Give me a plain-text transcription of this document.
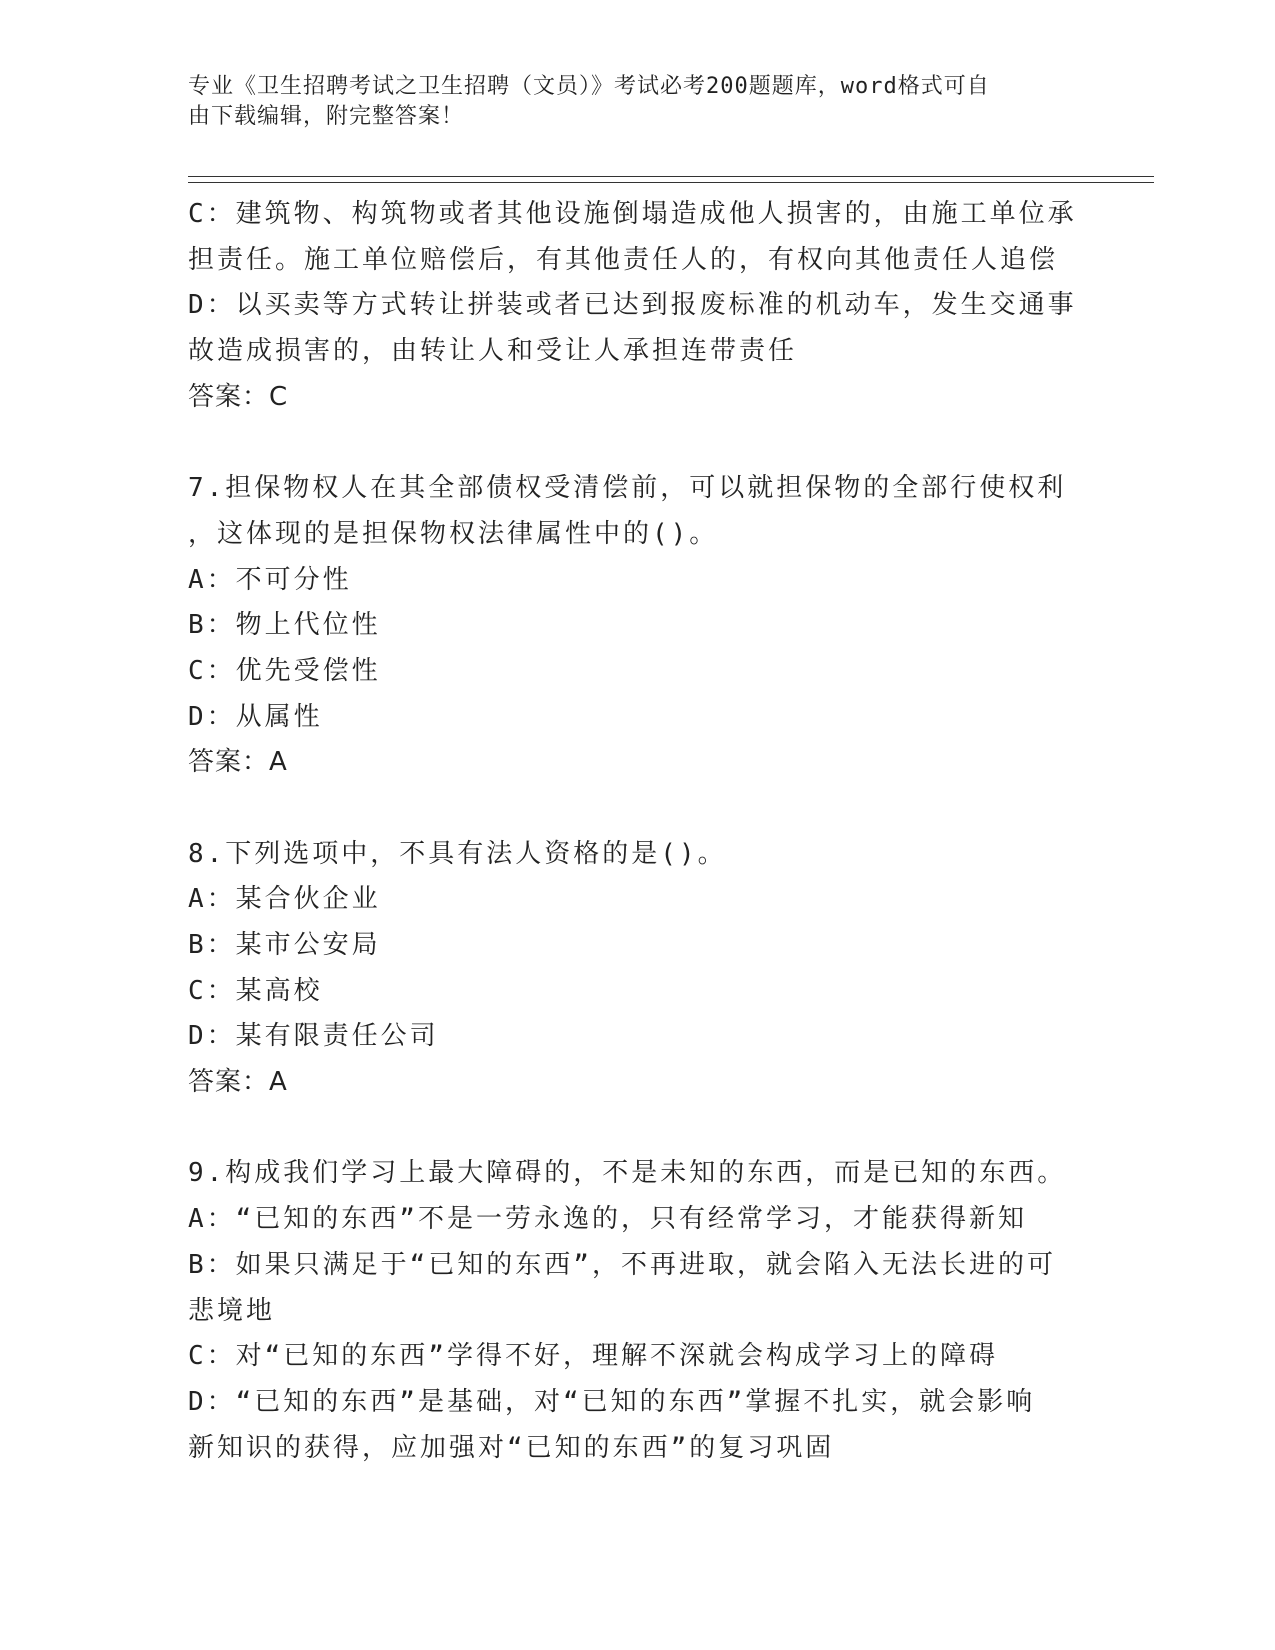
专业《卫生招聘考试之卫生招聘（文员）》考试必考200题题库，word格式可自
由下载编辑，附完整答案！
C：建筑物、构筑物或者其他设施倒塌造成他人损害的，由施工单位承
担责任。施工单位赔偿后，有其他责任人的，有权向其他责任人追偿
D：以买卖等方式转让拼装或者已达到报废标准的机动车，发生交通事
故造成损害的，由转让人和受让人承担连带责任
答案：C
7.担保物权人在其全部债权受清偿前，可以就担保物的全部行使权利
，这体现的是担保物权法律属性中的()。
A：不可分性
B：物上代位性
C：优先受偿性
D：从属性
答案：A
8.下列选项中，不具有法人资格的是()。
A：某合伙企业
B：某市公安局
C：某高校
D：某有限责任公司
答案：A
9.构成我们学习上最大障碍的，不是未知的东西，而是已知的东西。
A：“已知的东西”不是一劳永逸的，只有经常学习，才能获得新知
B：如果只满足于“已知的东西”，不再进取，就会陷入无法长进的可
悲境地
C：对“已知的东西”学得不好，理解不深就会构成学习上的障碍
D：“已知的东西”是基础，对“已知的东西”掌握不扎实，就会影响
新知识的获得，应加强对“已知的东西”的复习巩固
